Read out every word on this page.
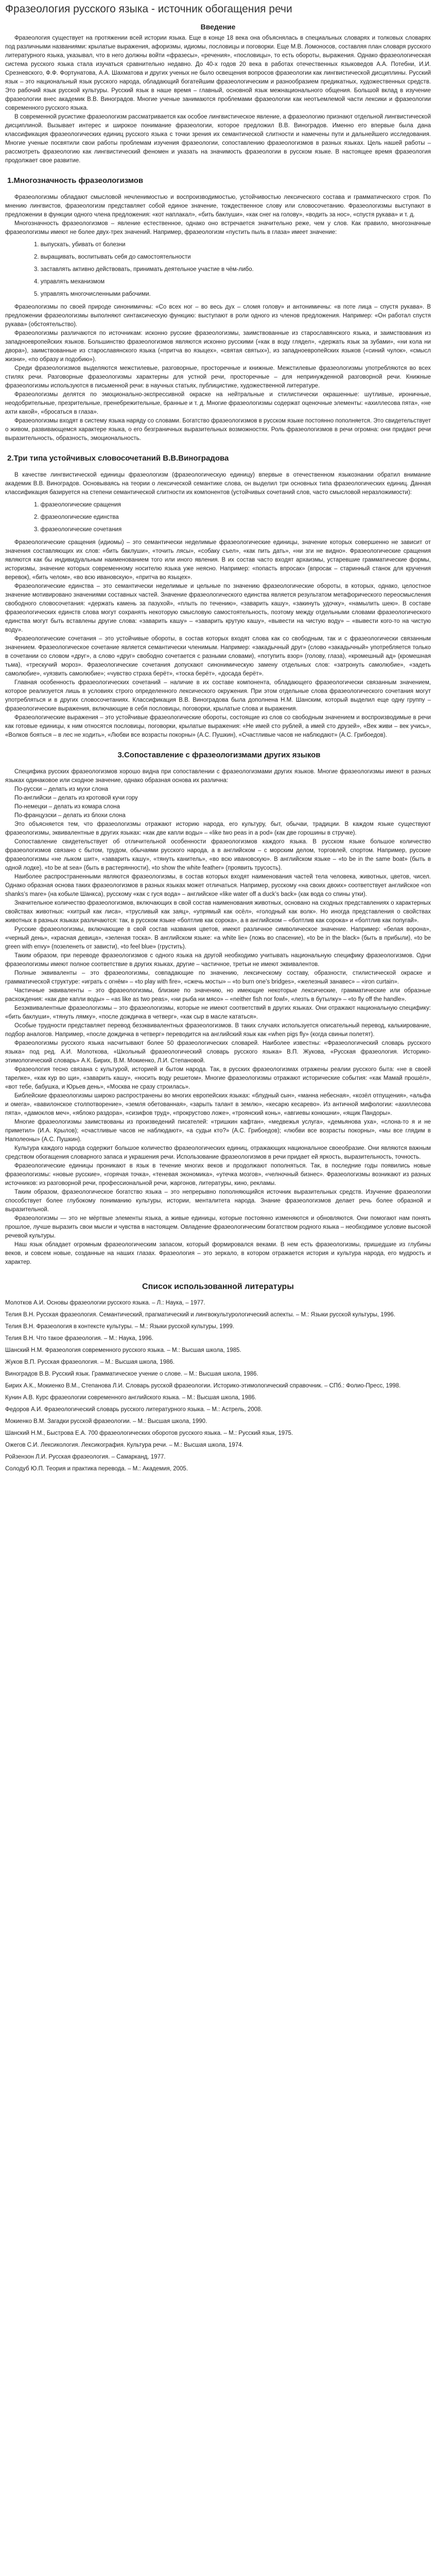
Фразеология русского языка - источник обогащения речи
Введение

Фразеология существует на протяжении всей истории языка. Еще в конце 18 века она объяснялась в специальных словарях и толковых словарях под различными названиями: крылатые выражения, афоризмы, идиомы, пословицы и поговорки. Еще М.В. Ломоносов, составляя план словаря русского литературного языка, указывал, что в него должны войти «фразесы», «речения», «пословицы», то есть обороты, выражения. Однако фразеологическая система русского языка стала изучаться сравнительно недавно. До 40-х годов 20 века в работах отечественных языковедов А.А. Потебни, И.И. Срезневского, Ф.Ф. Фортунатова, А.А. Шахматова и других ученых не было освещения вопросов фразеологии как лингвистической дисциплины. Русский язык – это национальный язык русского народа, обладающий богатейшим фразеологическим и разнообразием предикатных, художественных средств. Это рабочий язык русской культуры. Русский язык в наше время – главный, основной язык межнационального общения. Большой вклад в изучение фразеологии внес академик В.В. Виноградов. Многие ученые занимаются проблемами фразеологии как неотъемлемой части лексики и фразеологии современного русского языка.

В современной русистике фразеологизм рассматривается как особое лингвистическое явление, а фразеологию признают отдельной лингвистической дисциплиной. Вызывает интерес и широкое понимание фразеологии, которое предложил В.В. Виноградов. Именно его впервые была дана классификация фразеологических единиц русского языка с точки зрения их семантической слитности и намечены пути и дальнейшего исследования. Многие ученые посвятили свои работы проблемам изучения фразеологии, сопоставлению фразеологизмов в разных языках. Цель нашей работы – рассмотреть фразеологию как лингвистический феномен и указать на значимость фразеологии в русском языке. В настоящее время фразеология продолжает свое развитие.

1.Многозначность фразеологизмов

Фразеологизмы обладают смысловой нечленимостью и воспроизводимостью, устойчивостью лексического состава и грамматического строя. По мнению лингвистов, фразеологизм представляет собой единое значение, тождественное слову или словосочетанию. Фразеологизмы выступают в предложении в функции одного члена предложения: «кот наплакал», «бить баклуши», «как снег на голову», «водить за нос», «спустя рукава» и т. д.

Многозначность фразеологизмов – явление естественное, однако оно встречается значительно реже, чем у слов. Как правило, многозначные фразеологизмы имеют не более двух-трех значений. Например, фразеологизм «пустить пыль в глаза» имеет значение:

1. выпускать, убивать от болезни
2. выращивать, воспитывать себя до самостоятельности
3. заставлять активно действовать, принимать деятельное участие в чём-либо.
4. управлять механизмом
5. управлять многочисленными рабочими.

Фразеологизмы по своей природе синонимичны: «Со всех ног – во весь дух – сломя голову» и антонимичны: «в поте лица – спустя рукава». В предложении фразеологизмы выполняют синтаксическую функцию: выступают в роли одного из членов предложения. Например: «Он работал спустя рукава» (обстоятельство).

Фразеологизмы различаются по источникам: исконно русские фразеологизмы, заимствованные из старославянского языка, и заимствования из западноевропейских языков. Большинство фразеологизмов являются исконно русскими («как в воду глядел», «держать язык за зубами», «ни кола ни двора»), заимствованные из старославянского языка («притча во языцех», «святая святых»), из западноевропейских языков («синий чулок», «смысл жизни», «по образу и подобию»).

Среди фразеологизмов выделяются межстилевые, разговорные, просторечные и книжные. Межстилевые фразеологизмы употребляются во всех стилях речи. Разговорные фразеологизмы характерны для устной речи, просторечные – для непринужденной разговорной речи. Книжные фразеологизмы используются в письменной речи: в научных статьях, публицистике, художественной литературе.

Фразеологизмы делятся по эмоционально-экспрессивной окраске на нейтральные и стилистически окрашенные: шутливые, ироничные, неодобрительные, презрительные, пренебрежительные, бранные и т. д. Многие фразеологизмы содержат оценочные элементы: «ахиллесова пята», «не ахти какой», «бросаться в глаза».

Фразеологизмы входят в систему языка наряду со словами. Богатство фразеологизмов в русском языке постоянно пополняется. Это свидетельствует о живом, развивающемся характере языка, о его безграничных выразительных возможностях. Роль фразеологизмов в речи огромна: они придают речи выразительность, образность, эмоциональность.

2.Три типа устойчивых словосочетаний В.В.Виноградова

В качестве лингвистической единицы фразеологизм (фразеологическую единицу) впервые в отечественном языкознании обратил внимание академик В.В. Виноградов. Основываясь на теории о лексической семантике слова, он выделил три основных типа фразеологических единиц. Данная классификация базируется на степени семантической слитности их компонентов (устойчивых сочетаний слов, часто смысловой неразложимости):

1. фразеологические сращения
2. фразеологические единства
3. фразеологические сочетания

Фразеологические сращения (идиомы) – это семантически неделимые фразеологические единицы, значение которых совершенно не зависит от значения составляющих их слов: «бить баклуши», «точить лясы», «собаку съел», «как пить дать», «ни зги не видно». Фразеологические сращения являются как бы индивидуальным наименованием того или иного явления. В их состав часто входят архаизмы, устаревшие грамматические формы, историзмы, значение которых современному носителю языка уже неясно. Например: «попасть впросак» (впросак – старинный станок для кручения веревок), «бить челом», «во всю ивановскую», «притча во языцех».

Фразеологические единства – это семантически неделимые и цельные по значению фразеологические обороты, в которых, однако, целостное значение мотивировано значениями составных частей. Значение фразеологического единства является результатом метафорического переосмысления свободного словосочетания: «держать камень за пазухой», «плыть по течению», «заварить кашу», «закинуть удочку», «намылить шею». В составе фразеологических единств слова могут сохранять некоторую смысловую самостоятельность, поэтому между отдельными словами фразеологического единства могут быть вставлены другие слова: «заварить кашу» – «заварить крутую кашу», «вывести на чистую воду» – «вывести кого-то на чистую воду».

Фразеологические сочетания – это устойчивые обороты, в состав которых входят слова как со свободным, так и с фразеологически связанным значением. Фразеологическое сочетание является семантически членимым. Например: «закадычный друг» (слово «закадычный» употребляется только в сочетании со словом «друг», а слово «друг» свободно сочетается с разными словами), «потупить взор» (голову, глаза), «кромешный ад» (кромешная тьма), «трескучий мороз». Фразеологические сочетания допускают синонимическую замену отдельных слов: «затронуть самолюбие», «задеть самолюбие», «уязвить самолюбие»; «чувство страха берёт», «тоска берёт», «досада берёт».

Главная особенность фразеологических сочетаний – наличие в их составе компонента, обладающего фразеологически связанным значением, которое реализуется лишь в условиях строго определенного лексического окружения. При этом отдельные слова фразеологического сочетания могут употребляться и в других словосочетаниях. Классификация В.В. Виноградова была дополнена Н.М. Шанским, который выделил еще одну группу – фразеологические выражения, включающие в себя пословицы, поговорки, крылатые слова и выражения.

Фразеологические выражения – это устойчивые фразеологические обороты, состоящие из слов со свободным значением и воспроизводимые в речи как готовые единицы, к ним относятся пословицы, поговорки, крылатые выражения: «Не имей сто рублей, а имей сто друзей», «Век живи – век учись», «Волков бояться – в лес не ходить», «Любви все возрасты покорны» (А.С. Пушкин), «Счастливые часов не наблюдают» (А.С. Грибоедов).

3.Сопоставление с фразеологизмами других языков

Специфика русских фразеологизмов хорошо видна при сопоставлении с фразеологизмами других языков. Многие фразеологизмы имеют в разных языках одинаковое или сходное значение, однако образная основа их различна:

По-русски – делать из мухи слона

По-английски – делать из кротовой кучи гору

По-немецки – делать из комара слона

По-французски – делать из блохи слона

Это объясняется тем, что фразеологизмы отражают историю народа, его культуру, быт, обычаи, традиции. В каждом языке существуют фразеологизмы, эквивалентные в других языках: «как две капли воды» – «like two peas in a pod» (как две горошины в стручке).

Сопоставление свидетельствует об отличительной особенности фразеологизмов каждого языка. В русском языке большое количество фразеологизмов связано с бытом, трудом, обычаями русского народа, а в английском – с морским делом, торговлей, спортом. Например, русские фразеологизмы «не лыком шит», «заварить кашу», «тянуть канитель», «во всю ивановскую». В английском языке – «to be in the same boat» (быть в одной лодке), «to be at sea» (быть в растерянности), «to show the white feather» (проявить трусость).

Наиболее распространенными являются фразеологизмы, в состав которых входят наименования частей тела человека, животных, цветов, чисел. Однако образная основа таких фразеологизмов в разных языках может отличаться. Например, русскому «на своих двоих» соответствует английское «on shanks’s mare» (на кобыле Шанкса), русскому «как с гуся вода» – английское «like water off a duck’s back» (как вода со спины утки).

Значительное количество фразеологизмов, включающих в свой состав наименования животных, основано на сходных представлениях о характерных свойствах животных: «хитрый как лиса», «трусливый как заяц», «упрямый как осёл», «голодный как волк». Но иногда представления о свойствах животных в разных языках различаются: так, в русском языке «болтлив как сорока», а в английском – «болтлив как сорока» и «болтлив как попугай».

Русские фразеологизмы, включающие в свой состав названия цветов, имеют различное символическое значение. Например: «белая ворона», «черный день», «красная девица», «зеленая тоска». В английском языке: «a white lie» (ложь во спасение), «to be in the black» (быть в прибыли), «to be green with envy» (позеленеть от зависти), «to feel blue» (грустить).

Таким образом, при переводе фразеологизмов с одного языка на другой необходимо учитывать национальную специфику фразеологизмов. Одни фразеологизмы имеют полное соответствие в других языках, другие – частичное, третьи не имеют эквивалентов.

Полные эквиваленты – это фразеологизмы, совпадающие по значению, лексическому составу, образности, стилистической окраске и грамматической структуре: «играть с огнём» – «to play with fire», «сжечь мосты» – «to burn one’s bridges», «железный занавес» – «iron curtain».

Частичные эквиваленты – это фразеологизмы, близкие по значению, но имеющие некоторые лексические, грамматические или образные расхождения: «как две капли воды» – «as like as two peas», «ни рыба ни мясо» – «neither fish nor fowl», «лезть в бутылку» – «to fly off the handle».

Безэквивалентные фразеологизмы – это фразеологизмы, которые не имеют соответствий в других языках. Они отражают национальную специфику: «бить баклуши», «тянуть лямку», «после дождичка в четверг», «как сыр в масле кататься».

Особые трудности представляет перевод безэквивалентных фразеологизмов. В таких случаях используется описательный перевод, калькирование, подбор аналогов. Например, «после дождичка в четверг» переводится на английский язык как «when pigs fly» (когда свиньи полетят).

Фразеологизмы русского языка насчитывают более 50 фразеологических словарей. Наиболее известны: «Фразеологический словарь русского языка» под ред. А.И. Молоткова, «Школьный фразеологический словарь русского языка» В.П. Жукова, «Русская фразеология. Историко-этимологический словарь» А.К. Бирих, В.М. Мокиенко, Л.И. Степановой.

Фразеология тесно связана с культурой, историей и бытом народа. Так, в русских фразеологизмах отражены реалии русского быта: «не в своей тарелке», «как кур во щи», «заварить кашу», «носить воду решетом». Многие фразеологизмы отражают исторические события: «как Мамай прошёл», «вот тебе, бабушка, и Юрьев день», «Москва не сразу строилась».

Библейские фразеологизмы широко распространены во многих европейских языках: «блудный сын», «манна небесная», «козёл отпущения», «альфа и омега», «вавилонское столпотворение», «земля обетованная», «зарыть талант в землю», «кесарю кесарево». Из античной мифологии: «ахиллесова пята», «дамоклов меч», «яблоко раздора», «сизифов труд», «прокрустово ложе», «троянский конь», «авгиевы конюшни», «ящик Пандоры».

Многие фразеологизмы заимствованы из произведений писателей: «тришкин кафтан», «медвежья услуга», «демьянова уха», «слона-то я и не приметил» (И.А. Крылов); «счастливые часов не наблюдают», «а судьи кто?» (А.С. Грибоедов); «любви все возрасты покорны», «мы все глядим в Наполеоны» (А.С. Пушкин).

Культура каждого народа содержит большое количество фразеологических единиц, отражающих национальное своеобразие. Они являются важным средством обогащения словарного запаса и украшения речи. Использование фразеологизмов в речи придает ей яркость, выразительность, точность.

Фразеологические единицы проникают в язык в течение многих веков и продолжают пополняться. Так, в последние годы появились новые фразеологизмы: «новые русские», «горячая точка», «теневая экономика», «утечка мозгов», «челночный бизнес». Фразеологизмы возникают из разных источников: из разговорной речи, профессиональной речи, жаргонов, литературы, кино, рекламы.

Таким образом, фразеологическое богатство языка – это непрерывно пополняющийся источник выразительных средств. Изучение фразеологии способствует более глубокому пониманию культуры, истории, менталитета народа. Знание фразеологизмов делает речь более образной и выразительной.

Фразеологизмы — это не мёртвые элементы языка, а живые единицы, которые постоянно изменяются и обновляются. Они помогают нам понять прошлое, лучше выразить свои мысли и чувства в настоящем. Овладение фразеологическим богатством родного языка – необходимое условие высокой речевой культуры.

Наш язык обладает огромным фразеологическим запасом, который формировался веками. В нем есть фразеологизмы, пришедшие из глубины веков, и совсем новые, созданные на наших глазах. Фразеология – это зеркало, в котором отражается история и культура народа, его мудрость и характер.

Список использованной литературы

Молотков А.И. Основы фразеологии русского языка. – Л.: Наука, – 1977.

Телия В.Н. Русская фразеология. Семантический, прагматический и лингвокультурологический аспекты. – М.: Языки русской культуры, 1996.

Телия В.Н. Фразеология в контексте культуры. – М.: Языки русской культуры, 1999.

Телия В.Н. Что такое фразеология. – М.: Наука, 1996.

Шанский Н.М. Фразеология современного русского языка. – М.: Высшая школа, 1985.

Жуков В.П. Русская фразеология. – М.: Высшая школа, 1986.

Виноградов В.В. Русский язык. Грамматическое учение о слове. – М.: Высшая школа, 1986.

Бирих А.К., Мокиенко В.М., Степанова Л.И. Словарь русской фразеологии. Историко-этимологический справочник. – СПб.: Фолио-Пресс, 1998.

Кунин А.В. Курс фразеологии современного английского языка. – М.: Высшая школа, 1986.

Федоров А.И. Фразеологический словарь русского литературного языка. – М.: Астрель, 2008.

Мокиенко В.М. Загадки русской фразеологии. – М.: Высшая школа, 1990.

Шанский Н.М., Быстрова Е.А. 700 фразеологических оборотов русского языка. – М.: Русский язык, 1975.

Ожегов С.И. Лексикология. Лексикография. Культура речи. – М.: Высшая школа, 1974.

Ройзензон Л.И. Русская фразеология. – Самарканд, 1977.

Солодуб Ю.П. Теория и практика перевода. – М.: Академия, 2005.
